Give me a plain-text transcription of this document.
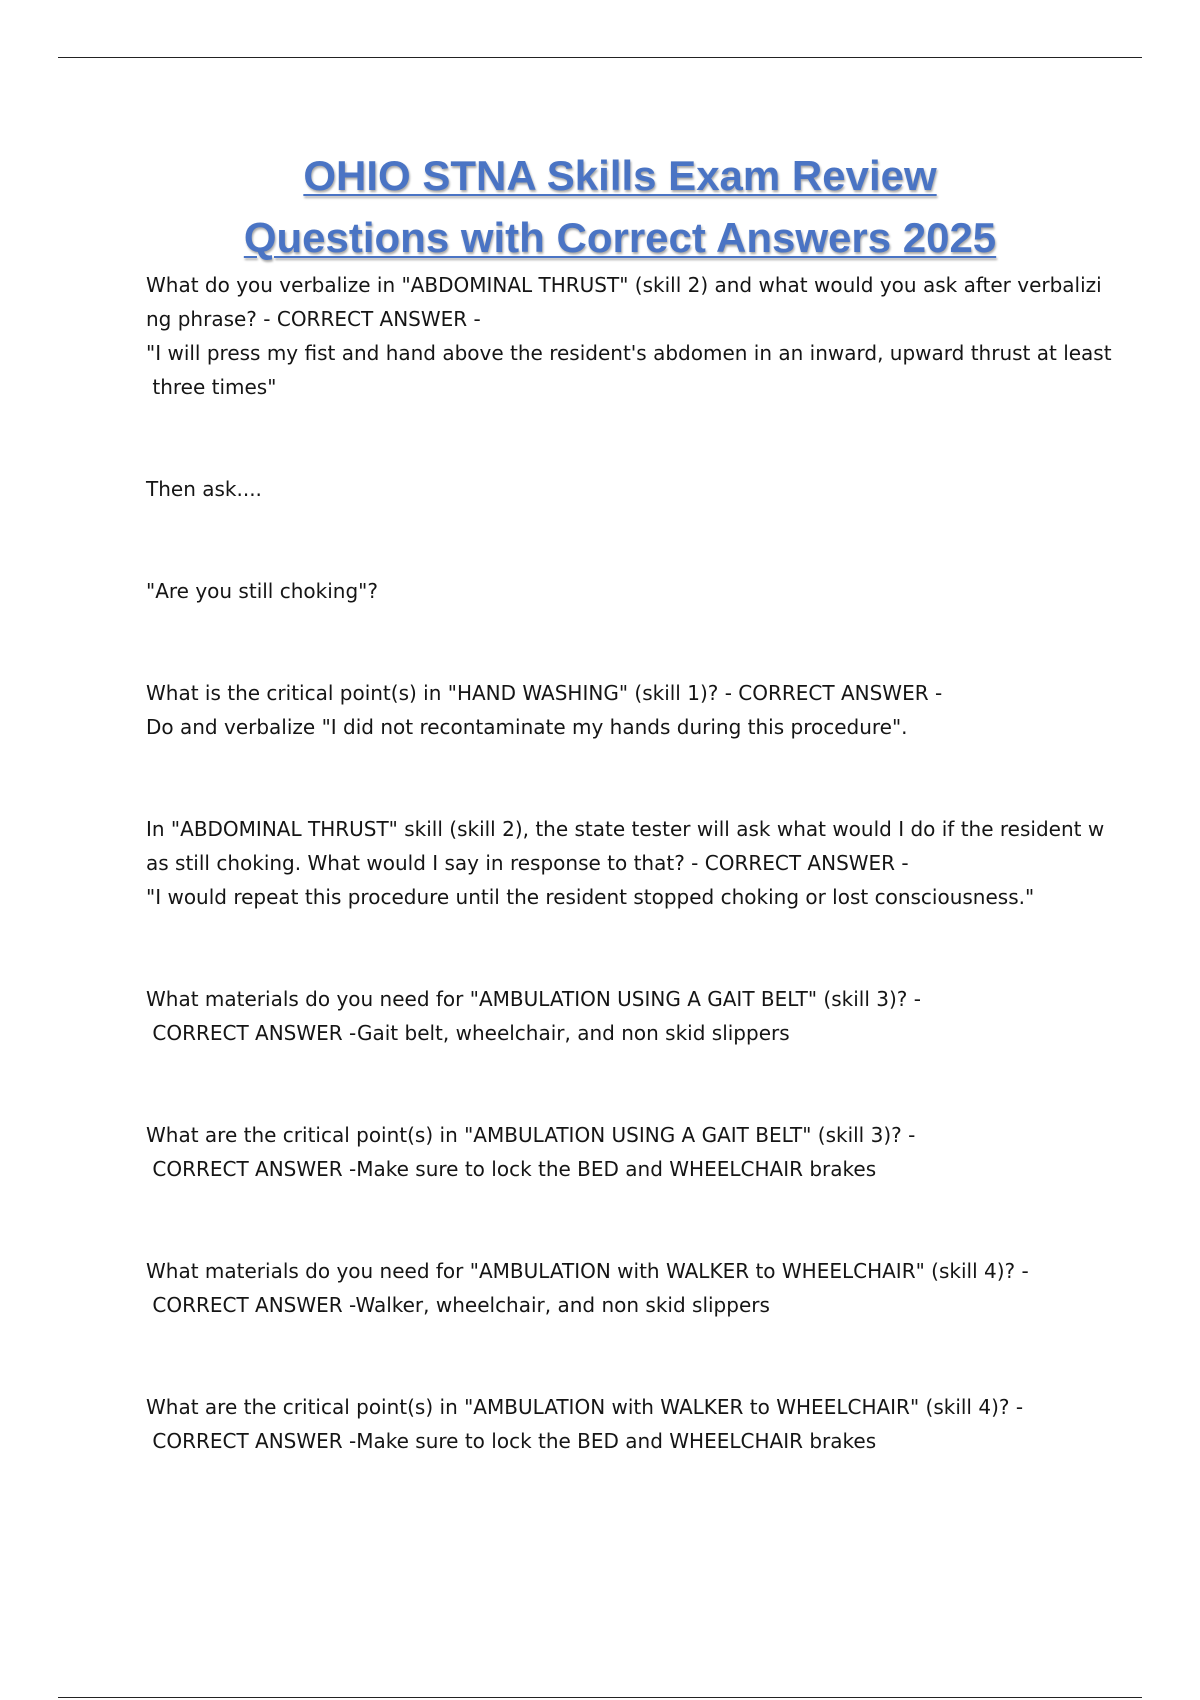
OHIO STNA Skills Exam Review
Questions with Correct Answers 2025

What do you verbalize in "ABDOMINAL THRUST" (skill 2) and what would you ask after verbalizi

ng phrase? - CORRECT ANSWER -

"I will press my fist and hand above the resident's abdomen in an inward, upward thrust at least

three times"

Then ask....

"Are you still choking"?

What is the critical point(s) in "HAND WASHING" (skill 1)? - CORRECT ANSWER -

Do and verbalize "I did not recontaminate my hands during this procedure".

In "ABDOMINAL THRUST" skill (skill 2), the state tester will ask what would I do if the resident w

as still choking. What would I say in response to that? - CORRECT ANSWER -

"I would repeat this procedure until the resident stopped choking or lost consciousness."

What materials do you need for "AMBULATION USING A GAIT BELT" (skill 3)? -

CORRECT ANSWER -Gait belt, wheelchair, and non skid slippers

What are the critical point(s) in "AMBULATION USING A GAIT BELT" (skill 3)? -

CORRECT ANSWER -Make sure to lock the BED and WHEELCHAIR brakes

What materials do you need for "AMBULATION with WALKER to WHEELCHAIR" (skill 4)? -

CORRECT ANSWER -Walker, wheelchair, and non skid slippers

What are the critical point(s) in "AMBULATION with WALKER to WHEELCHAIR" (skill 4)? -

CORRECT ANSWER -Make sure to lock the BED and WHEELCHAIR brakes
